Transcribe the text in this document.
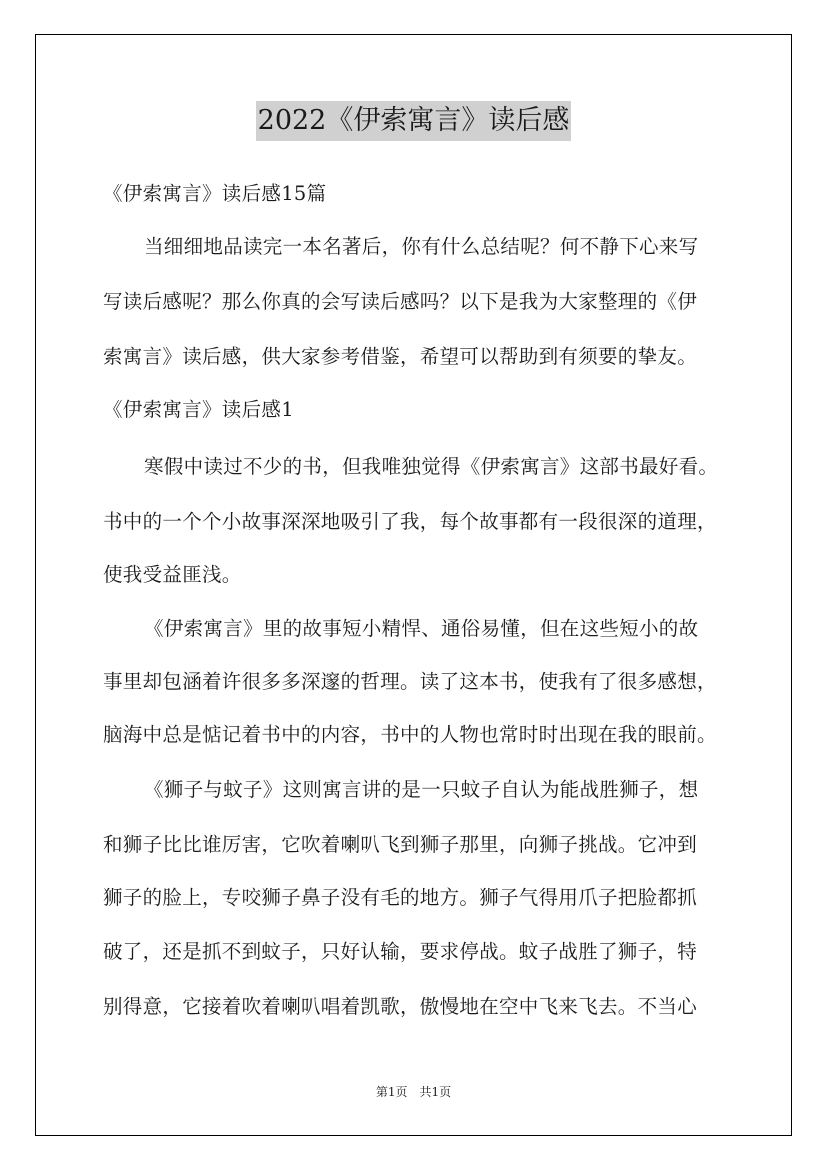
2022《伊索寓言》读后感
《伊索寓言》读后感15篇
当细细地品读完一本名著后，你有什么总结呢？何不静下心来写
写读后感呢？那么你真的会写读后感吗？以下是我为大家整理的《伊
索寓言》读后感，供大家参考借鉴，希望可以帮助到有须要的挚友。
《伊索寓言》读后感1
寒假中读过不少的书，但我唯独觉得《伊索寓言》这部书最好看。
书中的一个个小故事深深地吸引了我，每个故事都有一段很深的道理，
使我受益匪浅。
《伊索寓言》里的故事短小精悍、通俗易懂，但在这些短小的故
事里却包涵着许很多多深邃的哲理。读了这本书，使我有了很多感想，
脑海中总是惦记着书中的内容，书中的人物也常时时出现在我的眼前。
《狮子与蚊子》这则寓言讲的是一只蚊子自认为能战胜狮子，想
和狮子比比谁厉害，它吹着喇叭飞到狮子那里，向狮子挑战。它冲到
狮子的脸上，专咬狮子鼻子没有毛的地方。狮子气得用爪子把脸都抓
破了，还是抓不到蚊子，只好认输，要求停战。蚊子战胜了狮子，特
别得意，它接着吹着喇叭唱着凯歌，傲慢地在空中飞来飞去。不当心
第1页　共1页
